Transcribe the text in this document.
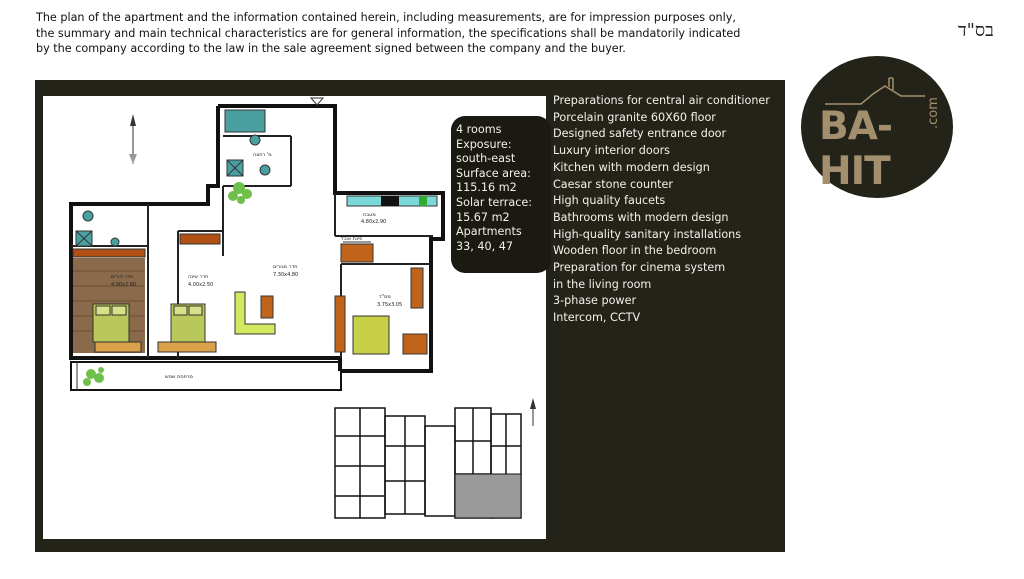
The plan of the apartment and the information contained herein, including measurements, are for impression purposes only,
the summary and main technical characteristics are for general information, the specifications shall be mandatorily indicated
by the company according to the law in the sale agreement signed between the company and the buyer.
בס"ד
BA-HIT
.com
מטבח
4.80x2.90
פינת אוכל
חדר מגורים
7.30x4.80
חדר שינה
4.00x2.50
חדר הורים
4.00x2.60
ממ"ד
3.75x3.05
מ' רחצה
מרפסת שמש
4 rooms
Exposure:
south-east
Surface area:
115.16 m2
Solar terrace:
15.67 m2
Apartments
33, 40, 47
Preparations for central air conditioner
Porcelain granite 60X60 floor
Designed safety entrance door
Luxury interior doors
Kitchen with modern design
Caesar stone counter
High quality faucets
Bathrooms with modern design
High-quality sanitary installations
Wooden floor in the bedroom
Preparation for cinema system
in the living room
3-phase power
Intercom, CCTV
